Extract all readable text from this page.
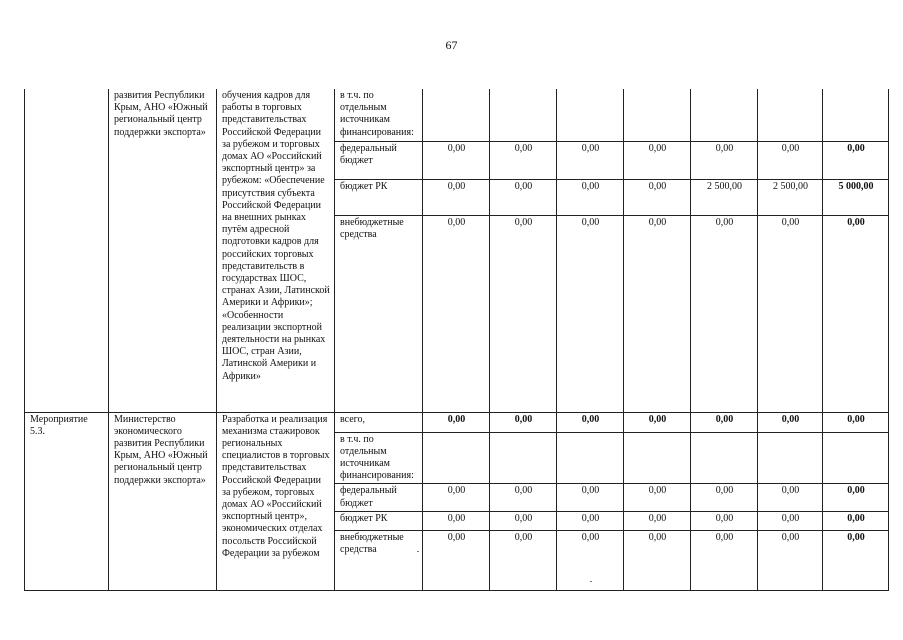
67
	развития Республики Крым, АНО «Южный региональный центр поддержки экспорта»	обучения кадров для работы в торговых представительствах Российской Федерации за рубежом и торговых домах АО «Российский экспортный центр» за рубежом: «Обеспечение присутствия субъекта Российской Федерации на внешних рынках путём адресной подготовки кадров для российских торговых представительств в государствах ШОС, странах Азии, Латинской Америки и Африки»; «Особенности реализации экспортной деятельности на рынках ШОС, стран Азии, Латинской Америки и Африки»	в т.ч. по отдельным источникам финансирования:							
			федеральный бюджет	0,00	0,00	0,00	0,00	0,00	0,00	0,00
			бюджет РК	0,00	0,00	0,00	0,00	2 500,00	2 500,00	5 000,00
			внебюджетные средства	0,00	0,00	0,00	0,00	0,00	0,00	0,00
Мероприятие 5.3.	Министерство экономического развития Республики Крым, АНО «Южный региональный центр поддержки экспорта»	Разработка и реализация механизма стажировок региональных специалистов в торговых представительствах Российской Федерации за рубежом, торговых домах АО «Российский экспортный центр», экономических отделах посольств Российской Федерации за рубежом	всего,	0,00	0,00	0,00	0,00	0,00	0,00	0,00
			в т.ч. по отдельным источникам финансирования:							
			федеральный бюджет	0,00	0,00	0,00	0,00	0,00	0,00	0,00
			бюджет РК	0,00	0,00	0,00	0,00	0,00	0,00	0,00
			внебюджетные средства	0,00	0,00	0,00	0,00	0,00	0,00	0,00
